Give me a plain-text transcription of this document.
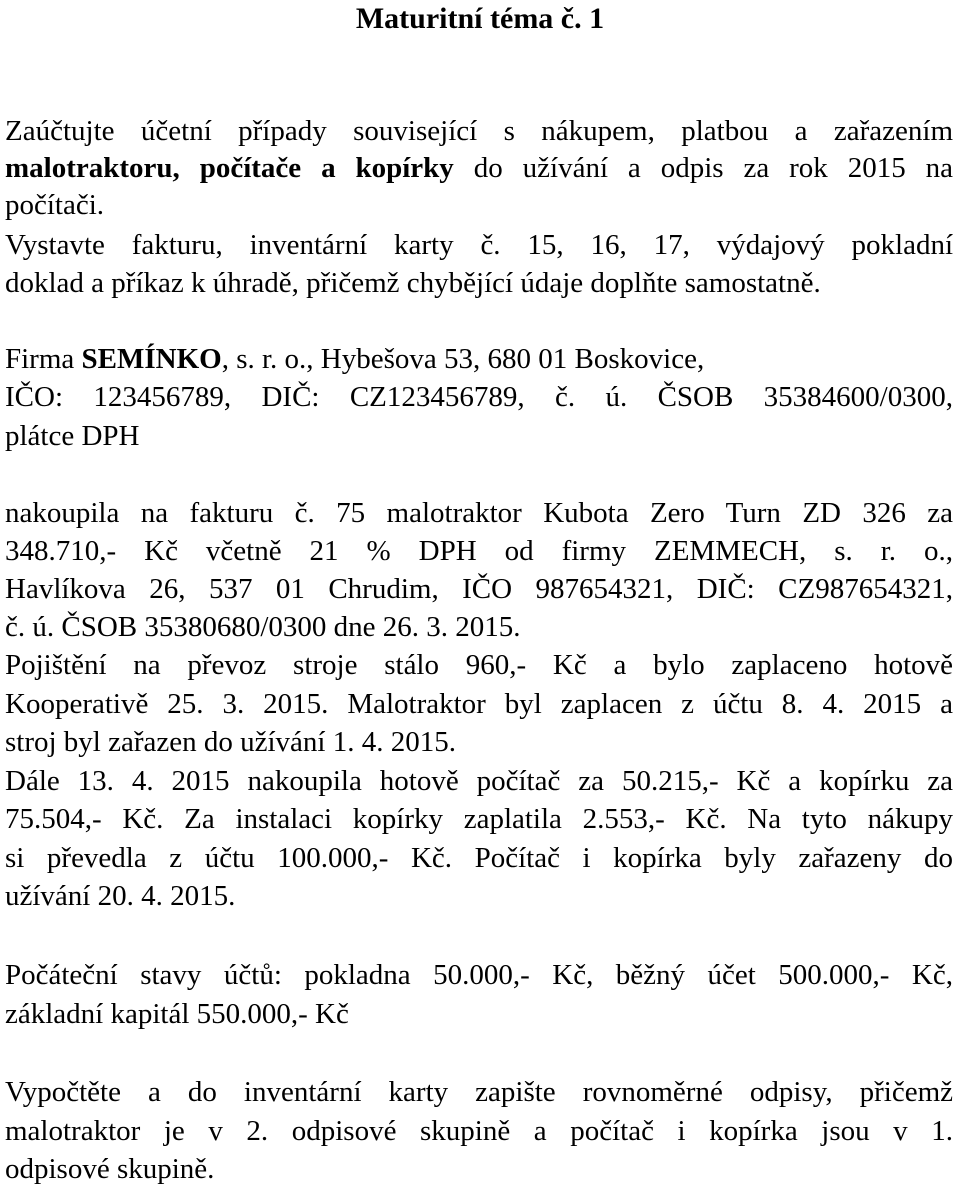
Maturitní téma č. 1
Zaúčtujte účetní případy související s nákupem, platbou a zařazením
malotraktoru, počítače a kopírky do užívání a odpis za rok 2015 na
počítači.
Vystavte fakturu, inventární karty č. 15, 16, 17, výdajový pokladní
doklad a příkaz k úhradě, přičemž chybějící údaje doplňte samostatně.
Firma SEMÍNKO, s. r. o., Hybešova 53, 680 01 Boskovice,
IČO: 123456789, DIČ: CZ123456789, č. ú. ČSOB 35384600/0300,
plátce DPH
nakoupila na fakturu č. 75 malotraktor Kubota Zero Turn ZD 326 za
348.710,- Kč včetně 21 % DPH od firmy ZEMMECH, s. r. o.,
Havlíkova 26, 537 01 Chrudim, IČO 987654321, DIČ: CZ987654321,
č. ú. ČSOB 35380680/0300 dne 26. 3. 2015.
Pojištění na převoz stroje stálo 960,- Kč a bylo zaplaceno hotově
Kooperativě 25. 3. 2015. Malotraktor byl zaplacen z účtu 8. 4. 2015 a
stroj byl zařazen do užívání 1. 4. 2015.
Dále 13. 4. 2015 nakoupila hotově počítač za 50.215,- Kč a kopírku za
75.504,- Kč. Za instalaci kopírky zaplatila 2.553,- Kč. Na tyto nákupy
si převedla z účtu 100.000,- Kč. Počítač i kopírka byly zařazeny do
užívání 20. 4. 2015.
Počáteční stavy účtů: pokladna 50.000,- Kč, běžný účet 500.000,- Kč,
základní kapitál 550.000,- Kč
Vypočtěte a do inventární karty zapište rovnoměrné odpisy, přičemž
malotraktor je v 2. odpisové skupině a počítač i kopírka jsou v 1.
odpisové skupině.
